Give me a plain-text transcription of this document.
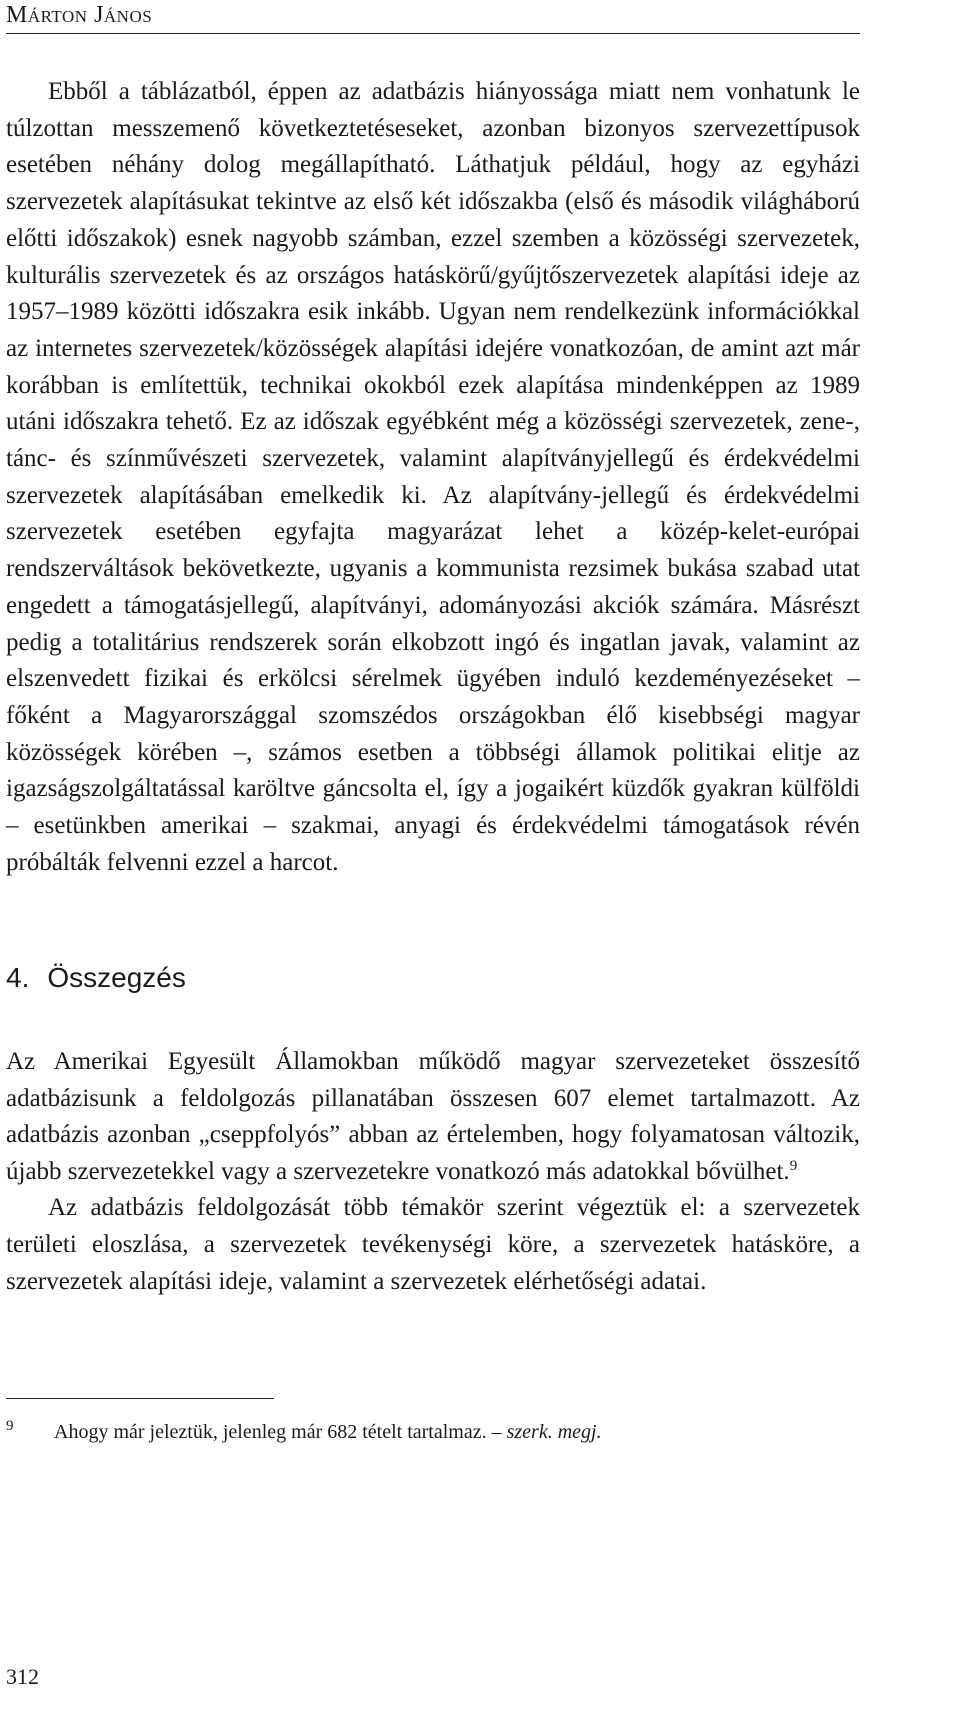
Márton János

Ebből a táblázatból, éppen az adatbázis hiányossága miatt nem vonhatunk le túlzottan messzemenő következtetéseseket, azonban bizonyos szervezettípusok esetében néhány dolog megállapítható. Láthatjuk például, hogy az egyházi szervezetek alapításukat tekintve az első két időszakba (első és második világháború előtti időszakok) esnek nagyobb számban, ezzel szemben a közösségi szervezetek, kulturális szervezetek és az országos hatáskörű/gyűjtőszervezetek alapítási ideje az 1957–1989 közötti időszakra esik inkább. Ugyan nem rendelkezünk információkkal az internetes szervezetek/közösségek alapítási idejére vonatkozóan, de amint azt már korábban is említettük, technikai okokból ezek alapítása mindenképpen az 1989 utáni időszakra tehető. Ez az időszak egyébként még a közösségi szervezetek, zene-, tánc- és színművészeti szervezetek, valamint alapítványjellegű és érdekvédelmi szervezetek alapításában emelkedik ki. Az alapítvány-jellegű és érdekvédelmi szervezetek esetében egyfajta magyarázat lehet a közép-kelet-európai rendszerváltások bekövetkezte, ugyanis a kommunista rezsimek bukása szabad utat engedett a támogatásjellegű, alapítványi, adományozási akciók számára. Másrészt pedig a totalitárius rendszerek során elkobzott ingó és ingatlan javak, valamint az elszenvedett fizikai és erkölcsi sérelmek ügyében induló kezdeményezéseket – főként a Magyarországgal szomszédos országokban élő kisebbségi magyar közösségek körében –, számos esetben a többségi államok politikai elitje az igazságszolgáltatással karöltve gáncsolta el, így a jogaikért küzdők gyakran külföldi – esetünkben amerikai – szakmai, anyagi és érdekvédelmi támogatások révén próbálták felvenni ezzel a harcot.

4. Összegzés

Az Amerikai Egyesült Államokban működő magyar szervezeteket összesítő adatbázisunk a feldolgozás pillanatában összesen 607 elemet tartalmazott. Az adatbázis azonban „cseppfolyós” abban az értelemben, hogy folyamatosan változik, újabb szervezetekkel vagy a szervezetekre vonatkozó más adatokkal bővülhet.$^9$

Az adatbázis feldolgozását több témakör szerint végeztük el: a szervezetek területi eloszlása, a szervezetek tevékenységi köre, a szervezetek hatásköre, a szervezetek alapítási ideje, valamint a szervezetek elérhetőségi adatai.

9 Ahogy már jeleztük, jelenleg már 682 tételt tartalmaz. – szerk. megj.

312
